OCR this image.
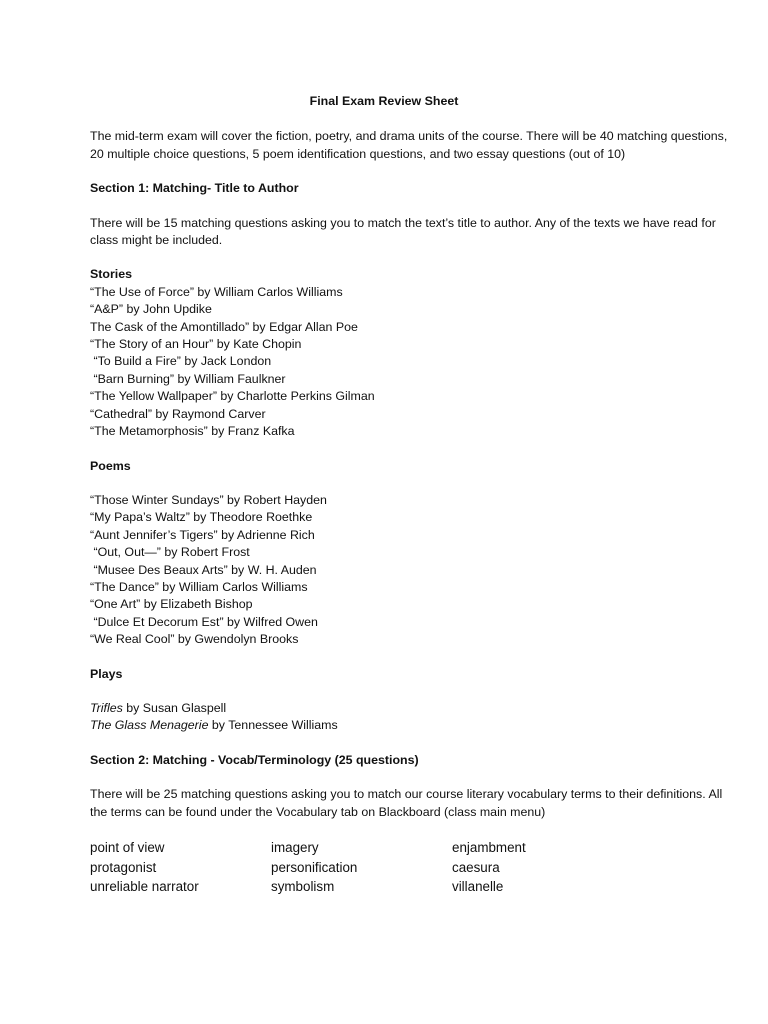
Final Exam Review Sheet

The mid-term exam will cover the fiction, poetry, and drama units of the course. There will be 40 matching questions, 20 multiple choice questions, 5 poem identification questions, and two essay questions (out of 10)

Section 1: Matching- Title to Author

There will be 15 matching questions asking you to match the text’s title to author. Any of the texts we have read for class might be included.

Stories

“The Use of Force” by William Carlos Williams
“A&P” by John Updike
The Cask of the Amontillado” by Edgar Allan Poe
“The Story of an Hour” by Kate Chopin
“To Build a Fire” by Jack London
“Barn Burning” by William Faulkner
“The Yellow Wallpaper” by Charlotte Perkins Gilman
“Cathedral” by Raymond Carver
“The Metamorphosis” by Franz Kafka

Poems

“Those Winter Sundays” by Robert Hayden
“My Papa’s Waltz” by Theodore Roethke
“Aunt Jennifer’s Tigers” by Adrienne Rich
“Out, Out—” by Robert Frost
“Musee Des Beaux Arts” by W. H. Auden
“The Dance” by William Carlos Williams
“One Art” by Elizabeth Bishop
“Dulce Et Decorum Est” by Wilfred Owen
“We Real Cool” by Gwendolyn Brooks

Plays

Trifles by Susan Glaspell
The Glass Menagerie by Tennessee Williams

Section 2: Matching - Vocab/Terminology (25 questions)

There will be 25 matching questions asking you to match our course literary vocabulary terms to their definitions. All the terms can be found under the Vocabulary tab on Blackboard (class main menu)

point of view	imagery	enjambment
protagonist	personification	caesura
unreliable narrator	symbolism	villanelle
